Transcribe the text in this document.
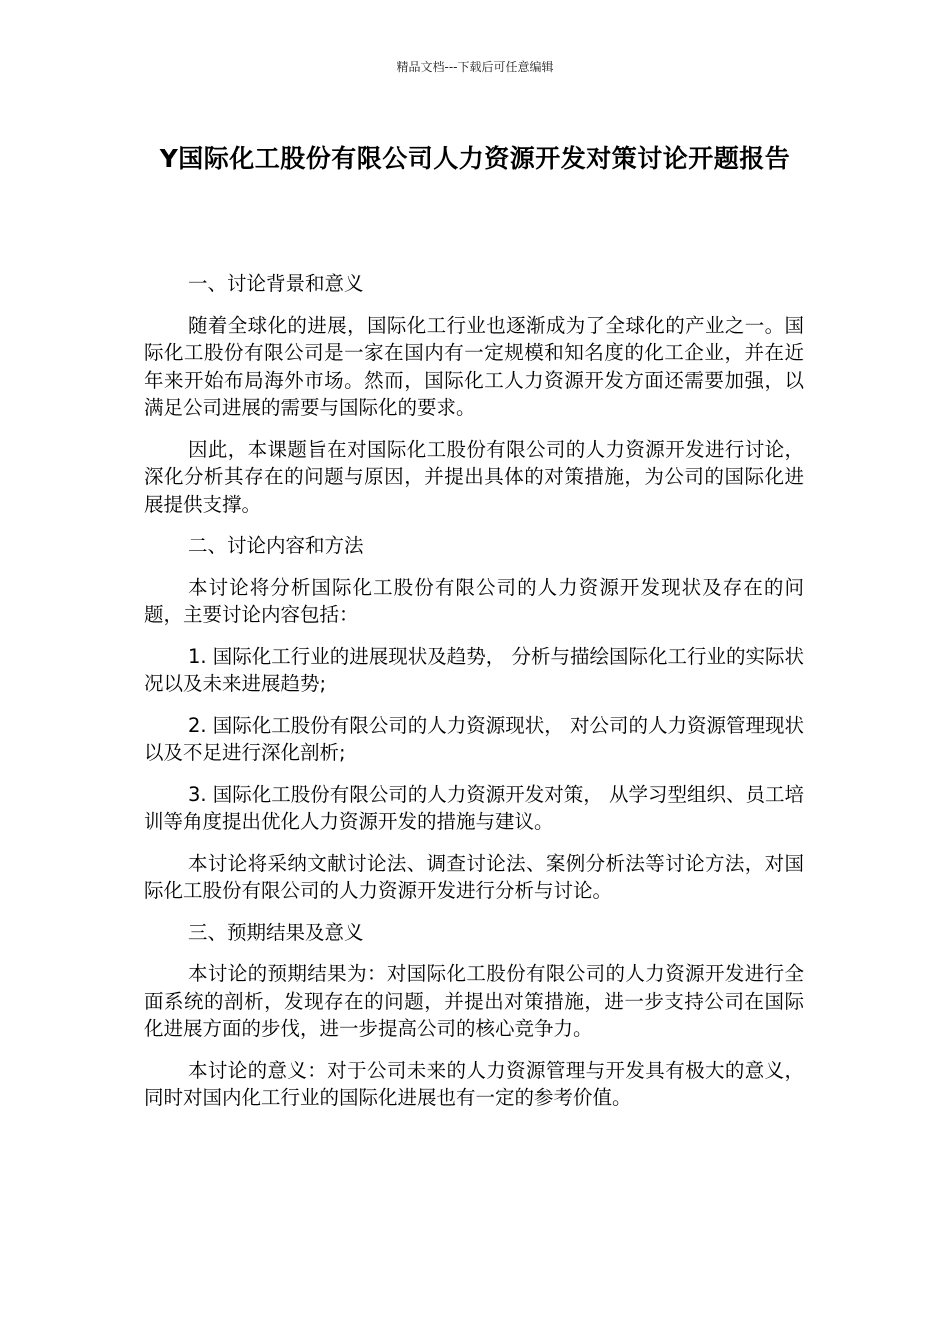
精品文档---下载后可任意编辑
Y国际化工股份有限公司人力资源开发对策讨论开题报告
一、讨论背景和意义

随着全球化的进展，国际化工行业也逐渐成为了全球化的产业之一。国际化工股份有限公司是一家在国内有一定规模和知名度的化工企业，并在近年来开始布局海外市场。然而，国际化工人力资源开发方面还需要加强，以满足公司进展的需要与国际化的要求。

因此，本课题旨在对国际化工股份有限公司的人力资源开发进行讨论，深化分析其存在的问题与原因，并提出具体的对策措施，为公司的国际化进展提供支撑。

二、讨论内容和方法

本讨论将分析国际化工股份有限公司的人力资源开发现状及存在的问题，主要讨论内容包括：

1. 国际化工行业的进展现状及趋势， 分析与描绘国际化工行业的实际状况以及未来进展趋势;

2. 国际化工股份有限公司的人力资源现状， 对公司的人力资源管理现状以及不足进行深化剖析;

3. 国际化工股份有限公司的人力资源开发对策， 从学习型组织、员工培训等角度提出优化人力资源开发的措施与建议。

本讨论将采纳文献讨论法、调查讨论法、案例分析法等讨论方法，对国际化工股份有限公司的人力资源开发进行分析与讨论。

三、预期结果及意义

本讨论的预期结果为：对国际化工股份有限公司的人力资源开发进行全面系统的剖析，发现存在的问题，并提出对策措施，进一步支持公司在国际化进展方面的步伐，进一步提高公司的核心竞争力。

本讨论的意义：对于公司未来的人力资源管理与开发具有极大的意义，同时对国内化工行业的国际化进展也有一定的参考价值。
